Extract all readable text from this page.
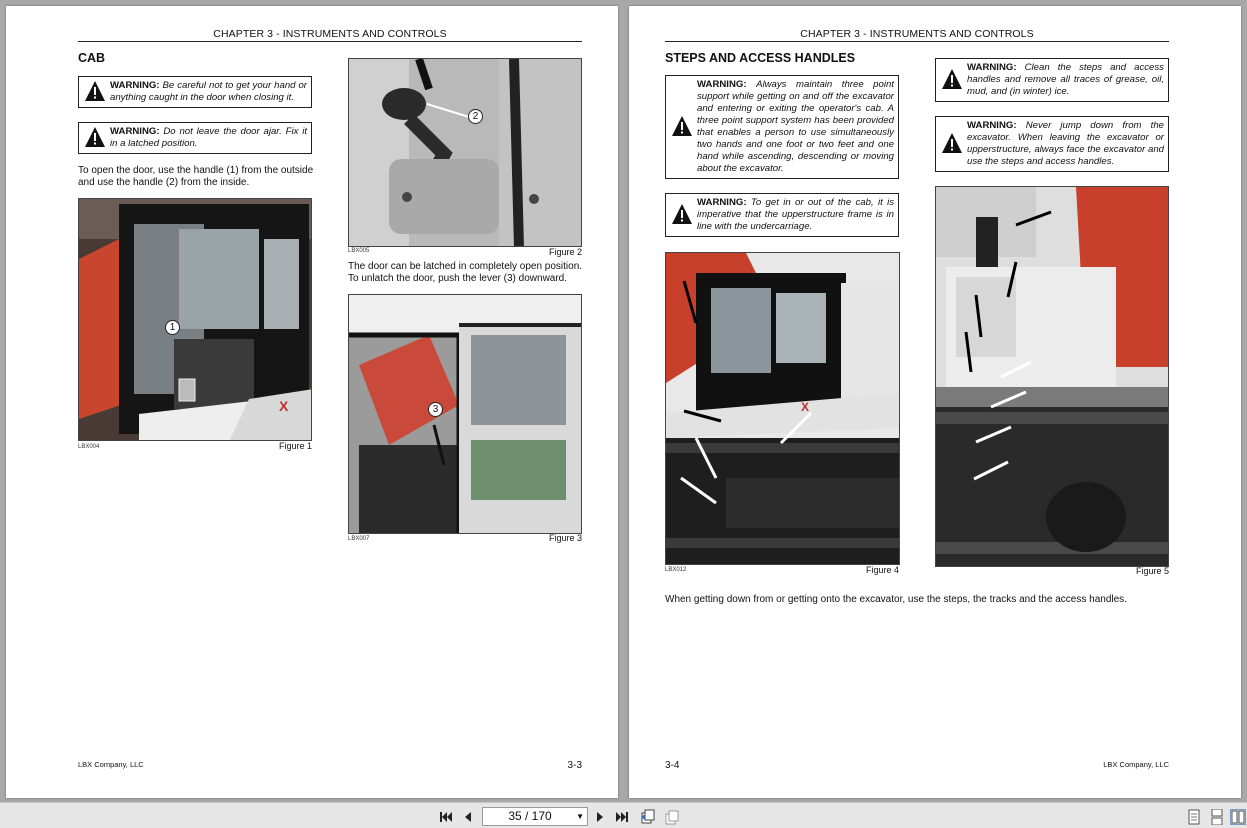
CHAPTER 3 - INSTRUMENTS AND CONTROLS
CAB
WARNING: Be careful not to get your hand or anything caught in the door when closing it.
WARNING: Do not leave the door ajar. Fix it in a latched position.
To open the door, use the handle (1) from the outside and use the handle (2) from the inside.
X
1
LBX004	Figure 1
2
LBX005	Figure 2
The door can be latched in completely open position. To unlatch the door, push the lever (3) downward.
3
LBX007	Figure 3
LBX Company, LLC	3-3
CHAPTER 3 - INSTRUMENTS AND CONTROLS
STEPS AND ACCESS HANDLES
WARNING: Always maintain three point support while getting on and off the excavator and entering or exiting the operator's cab. A three point support system has been provided that enables a person to use simultaneously two hands and one foot or two feet and one hand while ascending, descending or moving about the excavator.
WARNING: To get in or out of the cab, it is imperative that the upperstructure frame is in line with the undercarriage.
WARNING: Clean the steps and access handles and remove all traces of grease, oil, mud, and (in winter) ice.
WARNING: Never jump down from the excavator. When leaving the excavator or upperstructure, always face the excavator and use the steps and access handles.
X
LBX012	Figure 4	Figure 5
When getting down from or getting onto the excavator, use the steps, the tracks and the access handles.
3-4	LBX Company, LLC
35 / 170	▼
